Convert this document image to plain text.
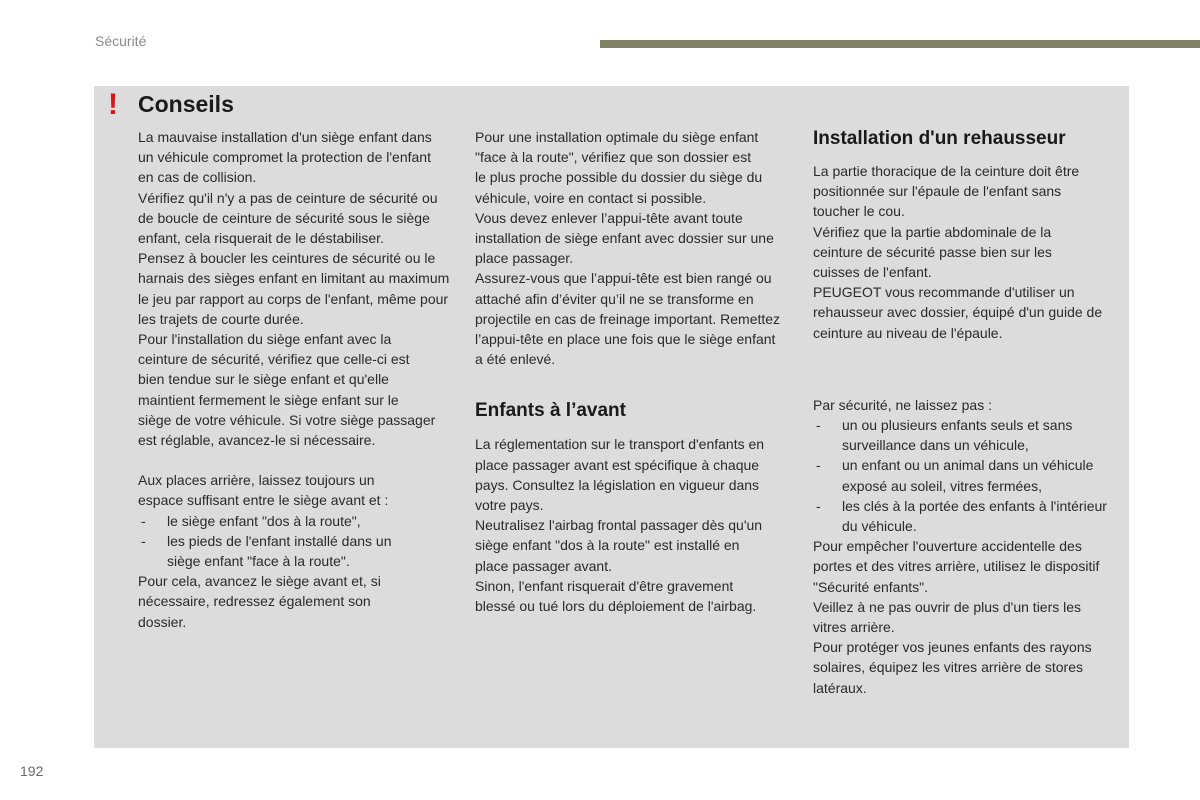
Sécurité
! Conseils

La mauvaise installation d'un siège enfant dans un véhicule compromet la protection de l'enfant en cas de collision.

Vérifiez qu'il n'y a pas de ceinture de sécurité ou de boucle de ceinture de sécurité sous le siège enfant, cela risquerait de le déstabiliser.

Pensez à boucler les ceintures de sécurité ou le harnais des sièges enfant en limitant au maximum le jeu par rapport au corps de l'enfant, même pour les trajets de courte durée.

Pour l'installation du siège enfant avec la ceinture de sécurité, vérifiez que celle-ci est bien tendue sur le siège enfant et qu'elle maintient fermement le siège enfant sur le siège de votre véhicule. Si votre siège passager est réglable, avancez-le si nécessaire.

Aux places arrière, laissez toujours un espace suffisant entre le siège avant et :

- le siège enfant "dos à la route",

- les pieds de l'enfant installé dans un siège enfant "face à la route".

Pour cela, avancez le siège avant et, si nécessaire, redressez également son dossier.

Pour une installation optimale du siège enfant "face à la route", vérifiez que son dossier est le plus proche possible du dossier du siège du véhicule, voire en contact si possible.

Vous devez enlever l’appui-tête avant toute installation de siège enfant avec dossier sur une place passager.

Assurez-vous que l’appui-tête est bien rangé ou attaché afin d’éviter qu’il ne se transforme en projectile en cas de freinage important. Remettez l’appui-tête en place une fois que le siège enfant a été enlevé.

Enfants à l’avant

La réglementation sur le transport d'enfants en place passager avant est spécifique à chaque pays. Consultez la législation en vigueur dans votre pays.

Neutralisez l'airbag frontal passager dès qu'un siège enfant "dos à la route" est installé en place passager avant.

Sinon, l'enfant risquerait d'être gravement blessé ou tué lors du déploiement de l'airbag.

Installation d'un rehausseur

La partie thoracique de la ceinture doit être positionnée sur l'épaule de l'enfant sans toucher le cou.

Vérifiez que la partie abdominale de la ceinture de sécurité passe bien sur les cuisses de l'enfant.

PEUGEOT vous recommande d'utiliser un rehausseur avec dossier, équipé d'un guide de ceinture au niveau de l'épaule.

Par sécurité, ne laissez pas :

- un ou plusieurs enfants seuls et sans surveillance dans un véhicule,

- un enfant ou un animal dans un véhicule exposé au soleil, vitres fermées,

- les clés à la portée des enfants à l'intérieur du véhicule.

Pour empêcher l'ouverture accidentelle des portes et des vitres arrière, utilisez le dispositif "Sécurité enfants".

Veillez à ne pas ouvrir de plus d'un tiers les vitres arrière.

Pour protéger vos jeunes enfants des rayons solaires, équipez les vitres arrière de stores latéraux.

192
